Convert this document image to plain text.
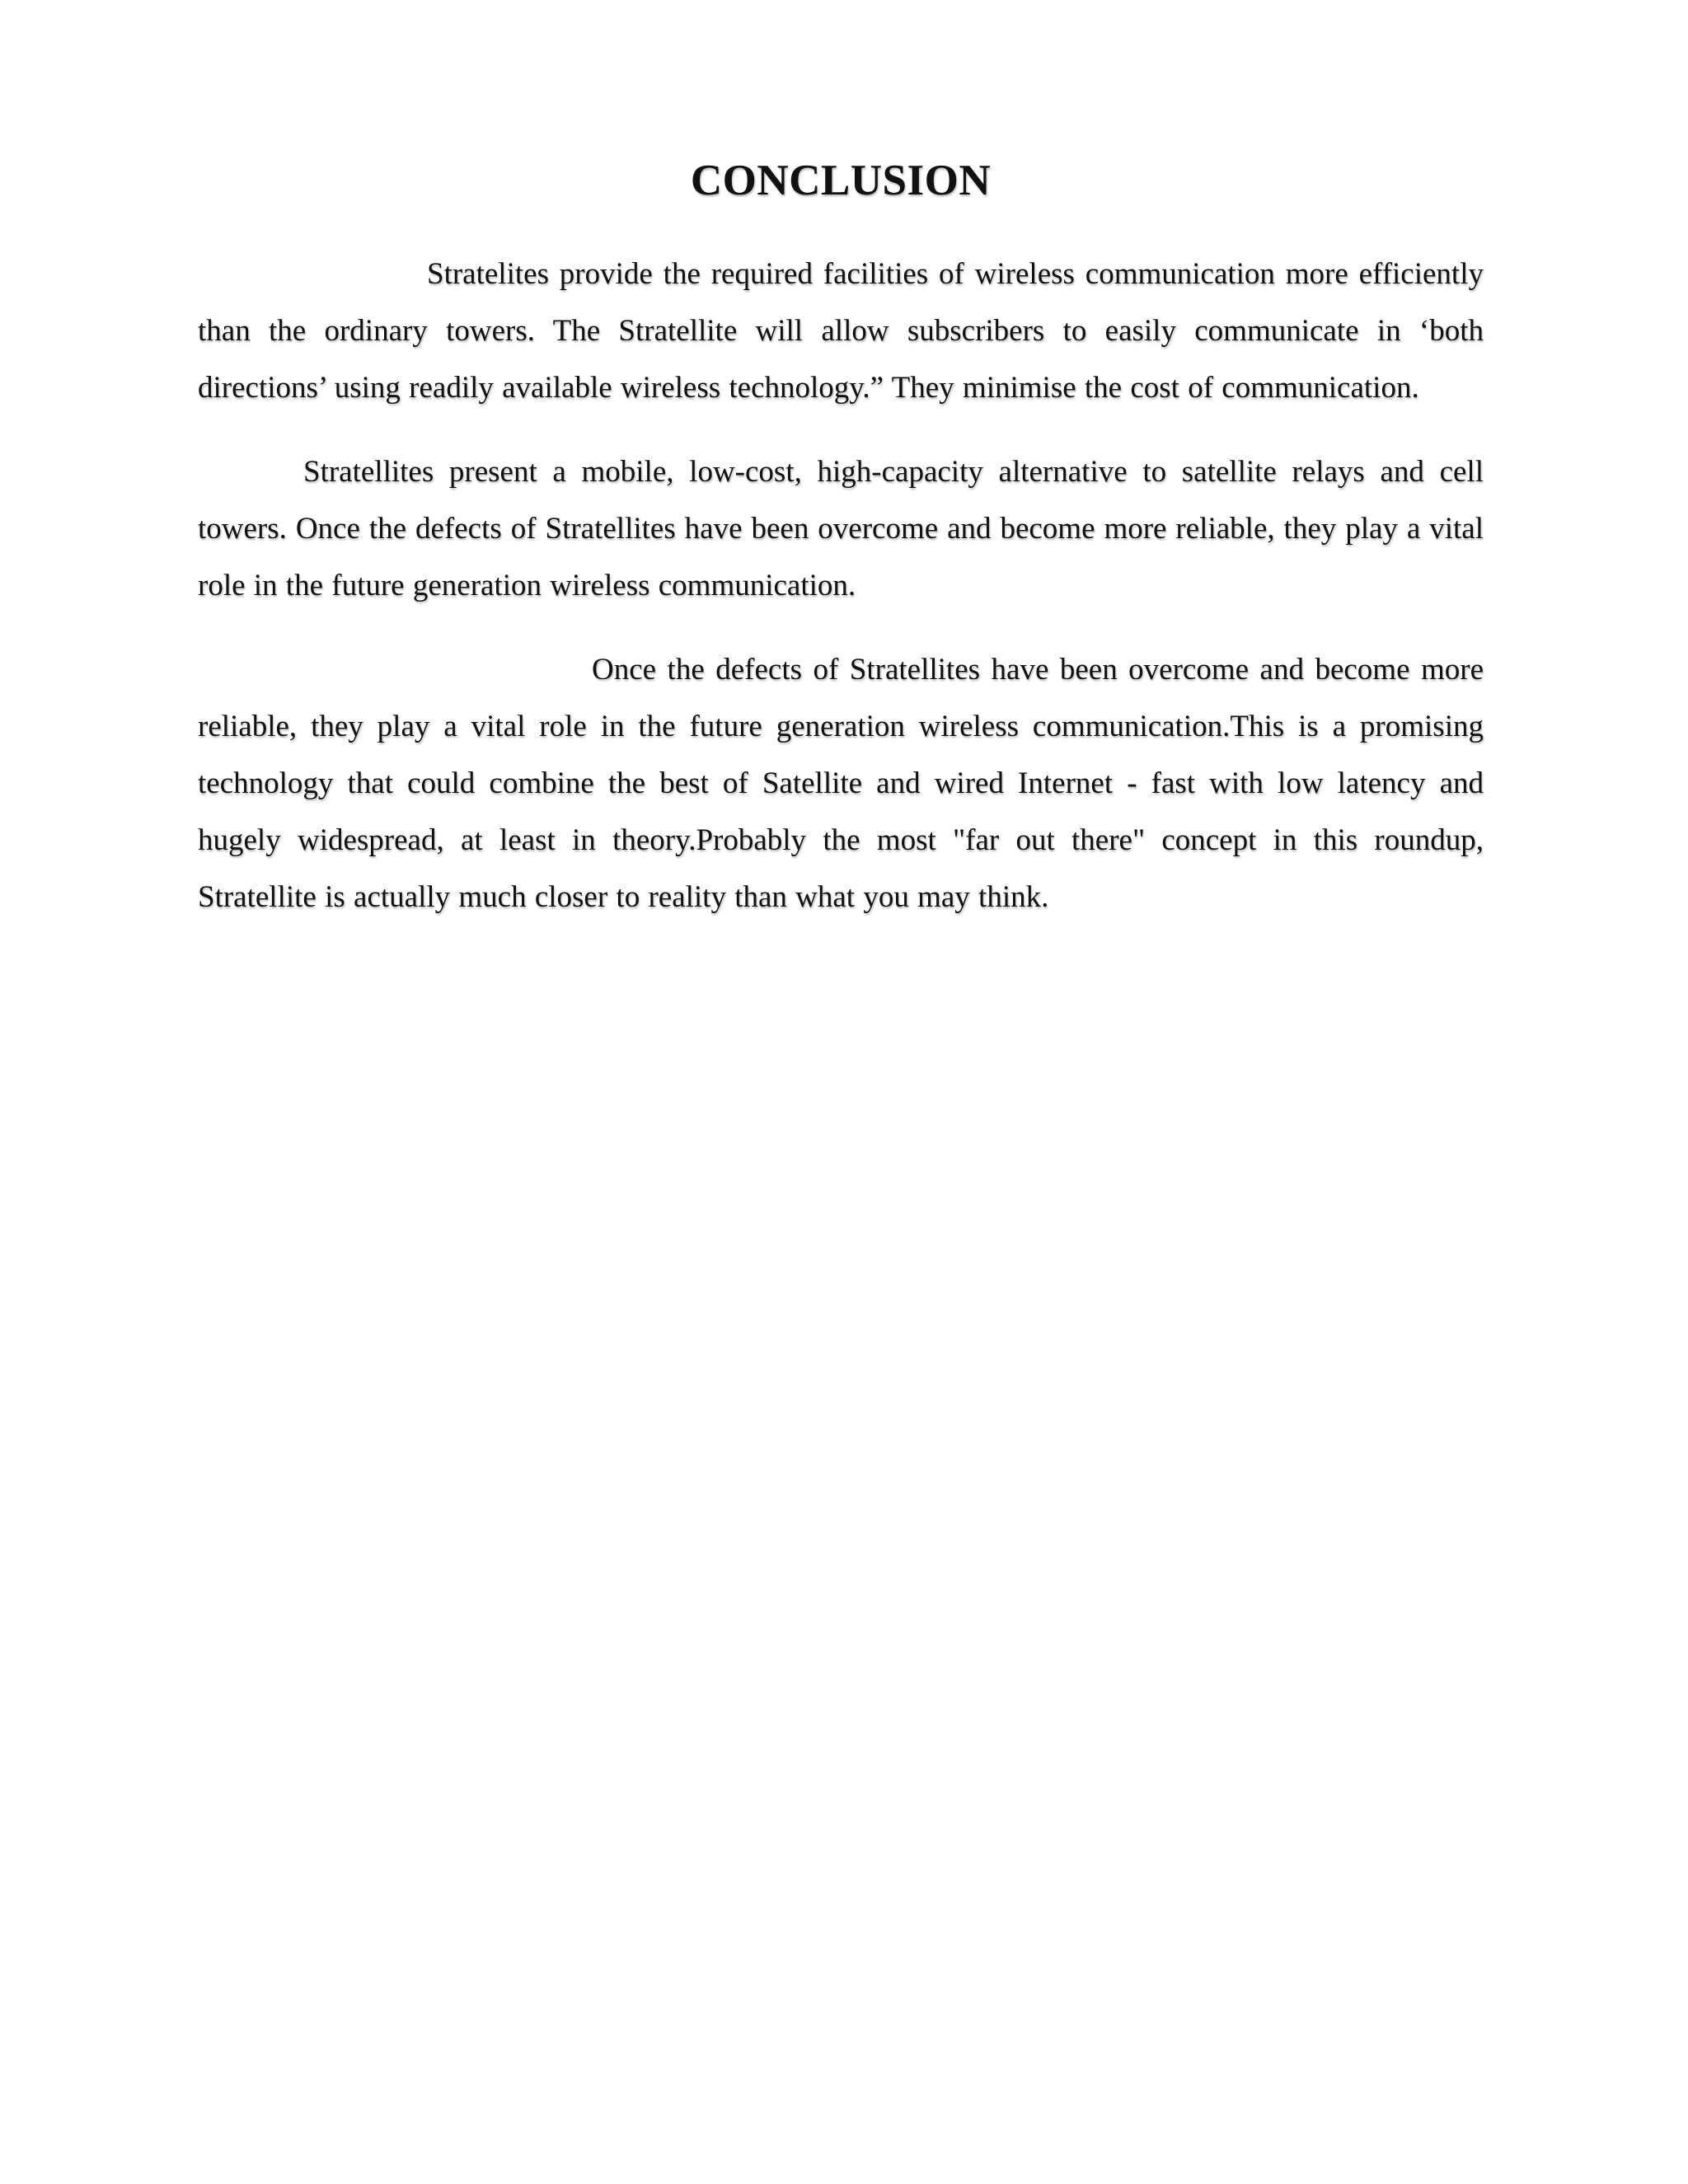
CONCLUSION

Stratelites provide the required facilities of wireless communication more efficiently than the ordinary towers. The Stratellite will allow subscribers to easily communicate in ‘both directions’ using readily available wireless technology.” They minimise the cost of communication.

Stratellites present a mobile, low-cost, high-capacity alternative to satellite relays and cell towers. Once the defects of Stratellites have been overcome and become more reliable, they play a vital role in the future generation wireless communication.

Once the defects of Stratellites have been overcome and become more reliable, they play a vital role in the future generation wireless communication.This is a promising technology that could combine the best of Satellite and wired Internet - fast with low latency and hugely widespread, at least in theory.Probably the most "far out there" concept in this roundup, Stratellite is actually much closer to reality than what you may think.
